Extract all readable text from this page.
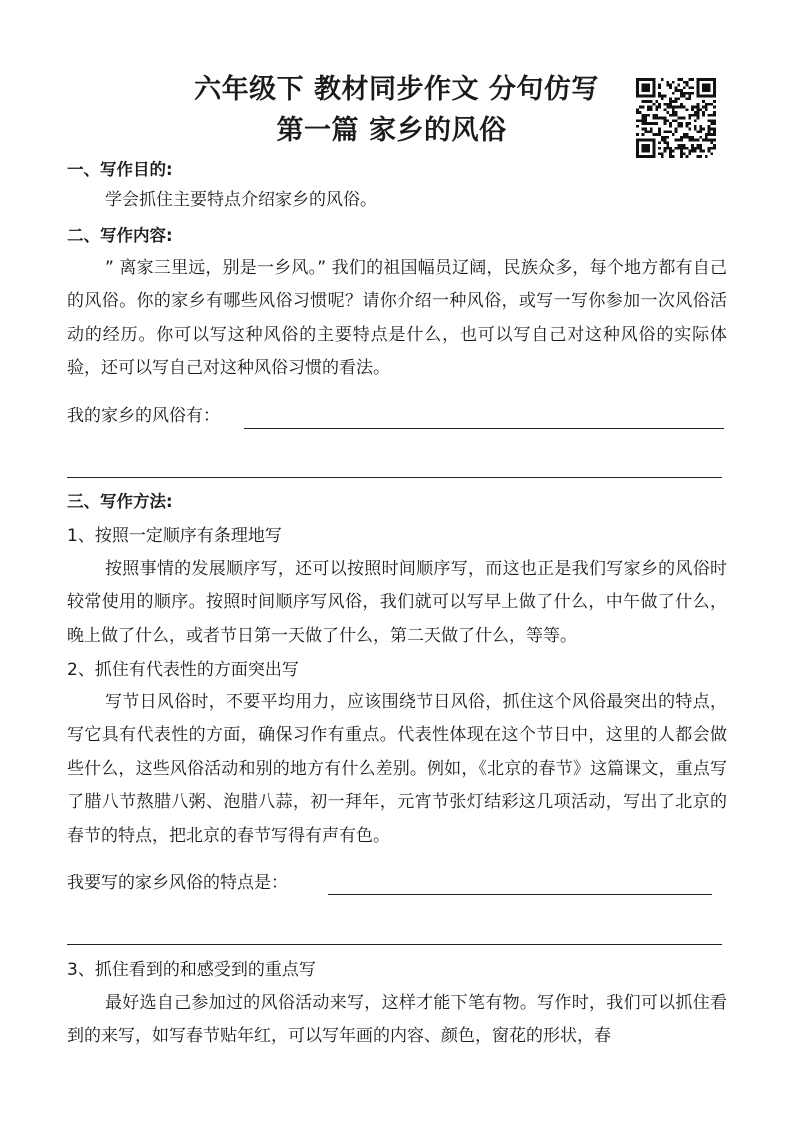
六年级下 教材同步作文 分句仿写
第一篇 家乡的风俗
一、写作目的:

学会抓住主要特点介绍家乡的风俗。

二、写作内容:

” 离家三里远，别是一乡风。” 我们的祖国幅员辽阔，民族众多，每个地方都有自己的风俗。你的家乡有哪些风俗习惯呢？请你介绍一种风俗，或写一写你参加一次风俗活动的经历。你可以写这种风俗的主要特点是什么，也可以写自己对这种风俗的实际体验，还可以写自己对这种风俗习惯的看法。

我的家乡的风俗有：
三、写作方法:
1、按照一定顺序有条理地写

按照事情的发展顺序写，还可以按照时间顺序写，而这也正是我们写家乡的风俗时较常使用的顺序。按照时间顺序写风俗，我们就可以写早上做了什么，中午做了什么，晚上做了什么，或者节日第一天做了什么，第二天做了什么，等等。

2、抓住有代表性的方面突出写

写节日风俗时，不要平均用力，应该围绕节日风俗，抓住这个风俗最突出的特点，写它具有代表性的方面，确保习作有重点。代表性体现在这个节日中，这里的人都会做些什么，这些风俗活动和别的地方有什么差别。例如，《北京的春节》这篇课文，重点写了腊八节熬腊八粥、泡腊八蒜，初一拜年，元宵节张灯结彩这几项活动，写出了北京的春节的特点，把北京的春节写得有声有色。

我要写的家乡风俗的特点是：
3、抓住看到的和感受到的重点写

最好选自己参加过的风俗活动来写，这样才能下笔有物。写作时，我们可以抓住看到的来写，如写春节贴年红，可以写年画的内容、颜色，窗花的形状，春
